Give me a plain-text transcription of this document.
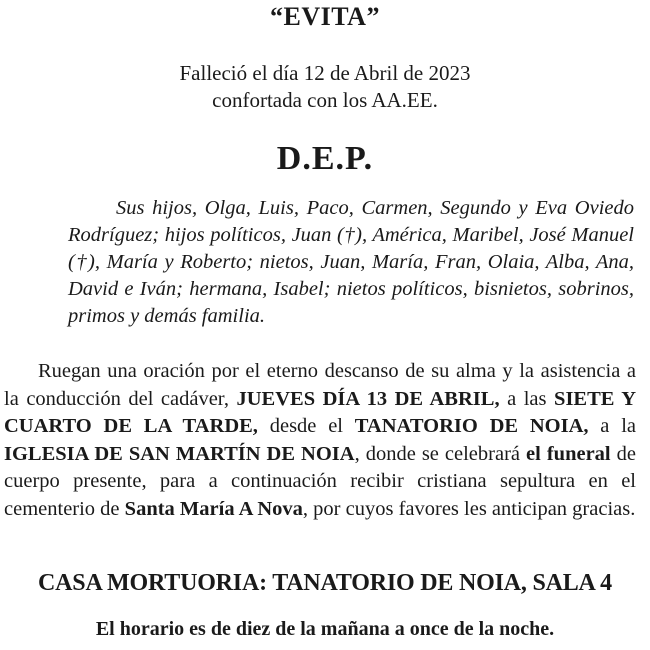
“EVITA”
Falleció el día 12 de Abril de 2023
confortada con los AA.EE.
D.E.P.
Sus hijos, Olga, Luis, Paco, Carmen, Segundo y Eva Oviedo Rodríguez; hijos políticos, Juan (†), América, Maribel, José Manuel (†), María y Roberto; nietos, Juan, María, Fran, Olaia, Alba, Ana, David e Iván; hermana, Isabel; nietos políticos, bisnietos, sobrinos, primos y demás familia.
Ruegan una oración por el eterno descanso de su alma y la asistencia a la conducción del cadáver, JUEVES DÍA 13 DE ABRIL, a las SIETE Y CUARTO DE LA TARDE, desde el TANATORIO DE NOIA, a la IGLESIA DE SAN MARTÍN DE NOIA, donde se celebrará el funeral de cuerpo presente, para a continuación recibir cristiana sepultura en el cementerio de Santa María A Nova, por cuyos favores les anticipan gracias.
CASA MORTUORIA: TANATORIO DE NOIA, SALA 4
El horario es de diez de la mañana a once de la noche.
